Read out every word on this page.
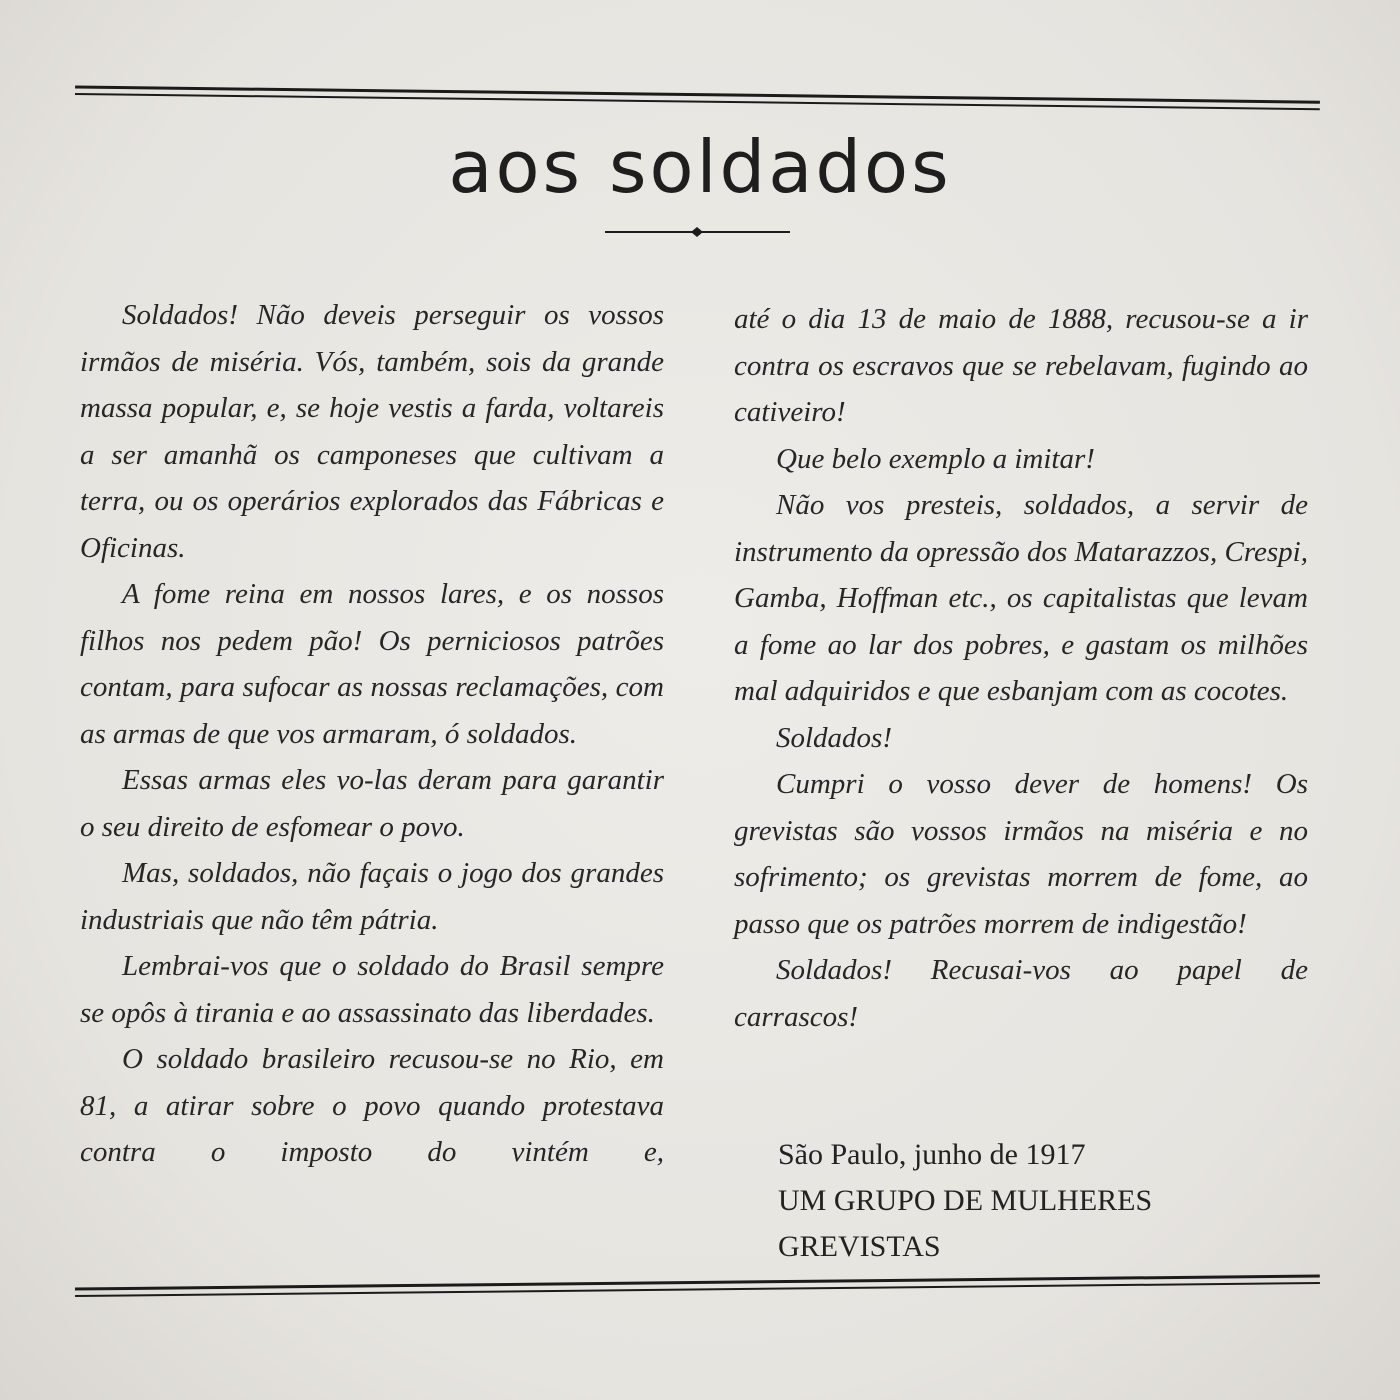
aos soldados

Soldados! Não deveis perseguir os vossos irmãos de miséria. Vós, também, sois da grande massa popular, e, se hoje vestis a farda, voltareis a ser amanhã os camponeses que cultivam a terra, ou os operários explorados das Fábricas e Oficinas.

A fome reina em nossos lares, e os nossos filhos nos pedem pão! Os perniciosos patrões contam, para sufocar as nossas reclamações, com as armas de que vos armaram, ó soldados.

Essas armas eles vo-las deram para garantir o seu direito de esfomear o povo.

Mas, soldados, não façais o jogo dos grandes industriais que não têm pátria.

Lembrai-vos que o soldado do Brasil sempre se opôs à tirania e ao assassinato das liberdades.

O soldado brasileiro recusou-se no Rio, em 81, a atirar sobre o povo quando protestava contra o imposto do vintém e,

até o dia 13 de maio de 1888, recusou-se a ir contra os escravos que se rebelavam, fugindo ao cativeiro!

Que belo exemplo a imitar!

Não vos presteis, soldados, a servir de instrumento da opressão dos Matarazzos, Crespi, Gamba, Hoffman etc., os capitalistas que levam a fome ao lar dos pobres, e gastam os milhões mal adquiridos e que esbanjam com as cocotes.

Soldados!

Cumpri o vosso dever de homens! Os grevistas são vossos irmãos na miséria e no sofrimento; os grevistas morrem de fome, ao passo que os patrões morrem de indigestão!

Soldados! Recusai-vos ao papel de carrascos!

São Paulo, junho de 1917
UM GRUPO DE MULHERES
GREVISTAS
